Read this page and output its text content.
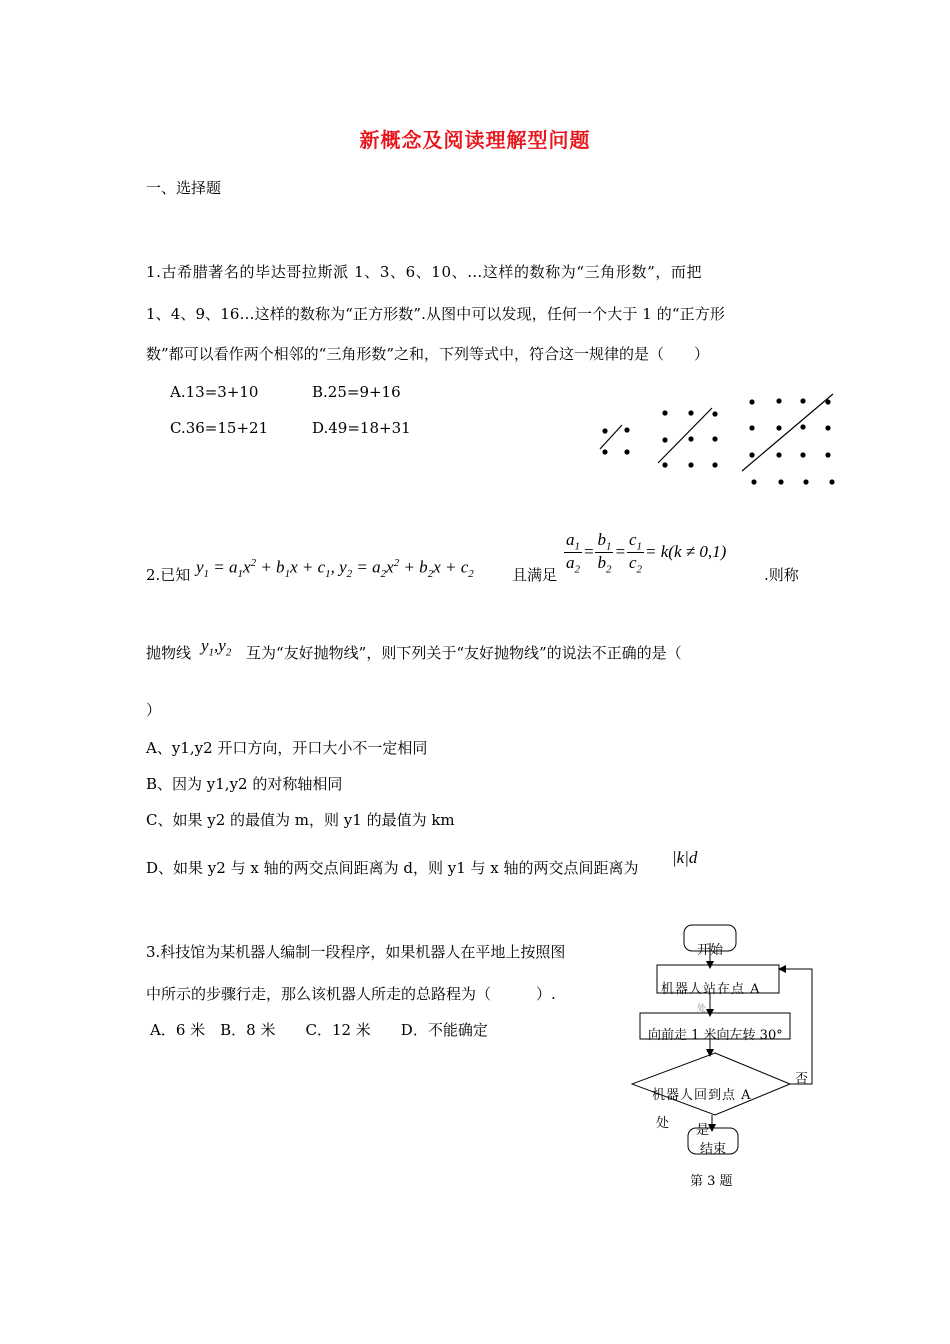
新概念及阅读理解型问题
一、选择题
1.古希腊著名的毕达哥拉斯派 1、3、6、10、…这样的数称为“三角形数”，而把
1、4、9、16…这样的数称为“正方形数”.从图中可以发现，任何一个大于 1 的“正方形
数”都可以看作两个相邻的“三角形数”之和，下列等式中，符合这一规律的是（　　）
A.13=3+10	B.25=9+16
C.36=15+21	D.49=18+31
2.已知 $y_1 = a_1x^2 + b_1x + c_1$, $y_2 = a_2x^2 + b_2x + c_2$	且满足 $\frac{a_1}{a_2} = \frac{b_1}{b_2} = \frac{c_1}{c_2} = k(k \ne 0,1)$
.则称
抛物线 $y_1,y_2$ 互为“友好抛物线”，则下列关于“友好抛物线”的说法不正确的是（
）
A、y1,y2 开口方向，开口大小不一定相同
B、因为 y1,y2 的对称轴相同
C、如果 y2 的最值为 m，则 y1 的最值为 km
D、如果 y2 与 x 轴的两交点间距离为 d，则 y1 与 x 轴的两交点间距离为
|k|d
3.科技馆为某机器人编制一段程序，如果机器人在平地上按照图
中所示的步骤行走，那么该机器人所走的总路程为（　　　）.
A．6 米　B．8 米　　C．12 米　　D．不能确定
开始
机器人站在点 A
处
向前走 1 米向左转 30°
机器人回到点 A
处
否
是
结束
第 3 题
